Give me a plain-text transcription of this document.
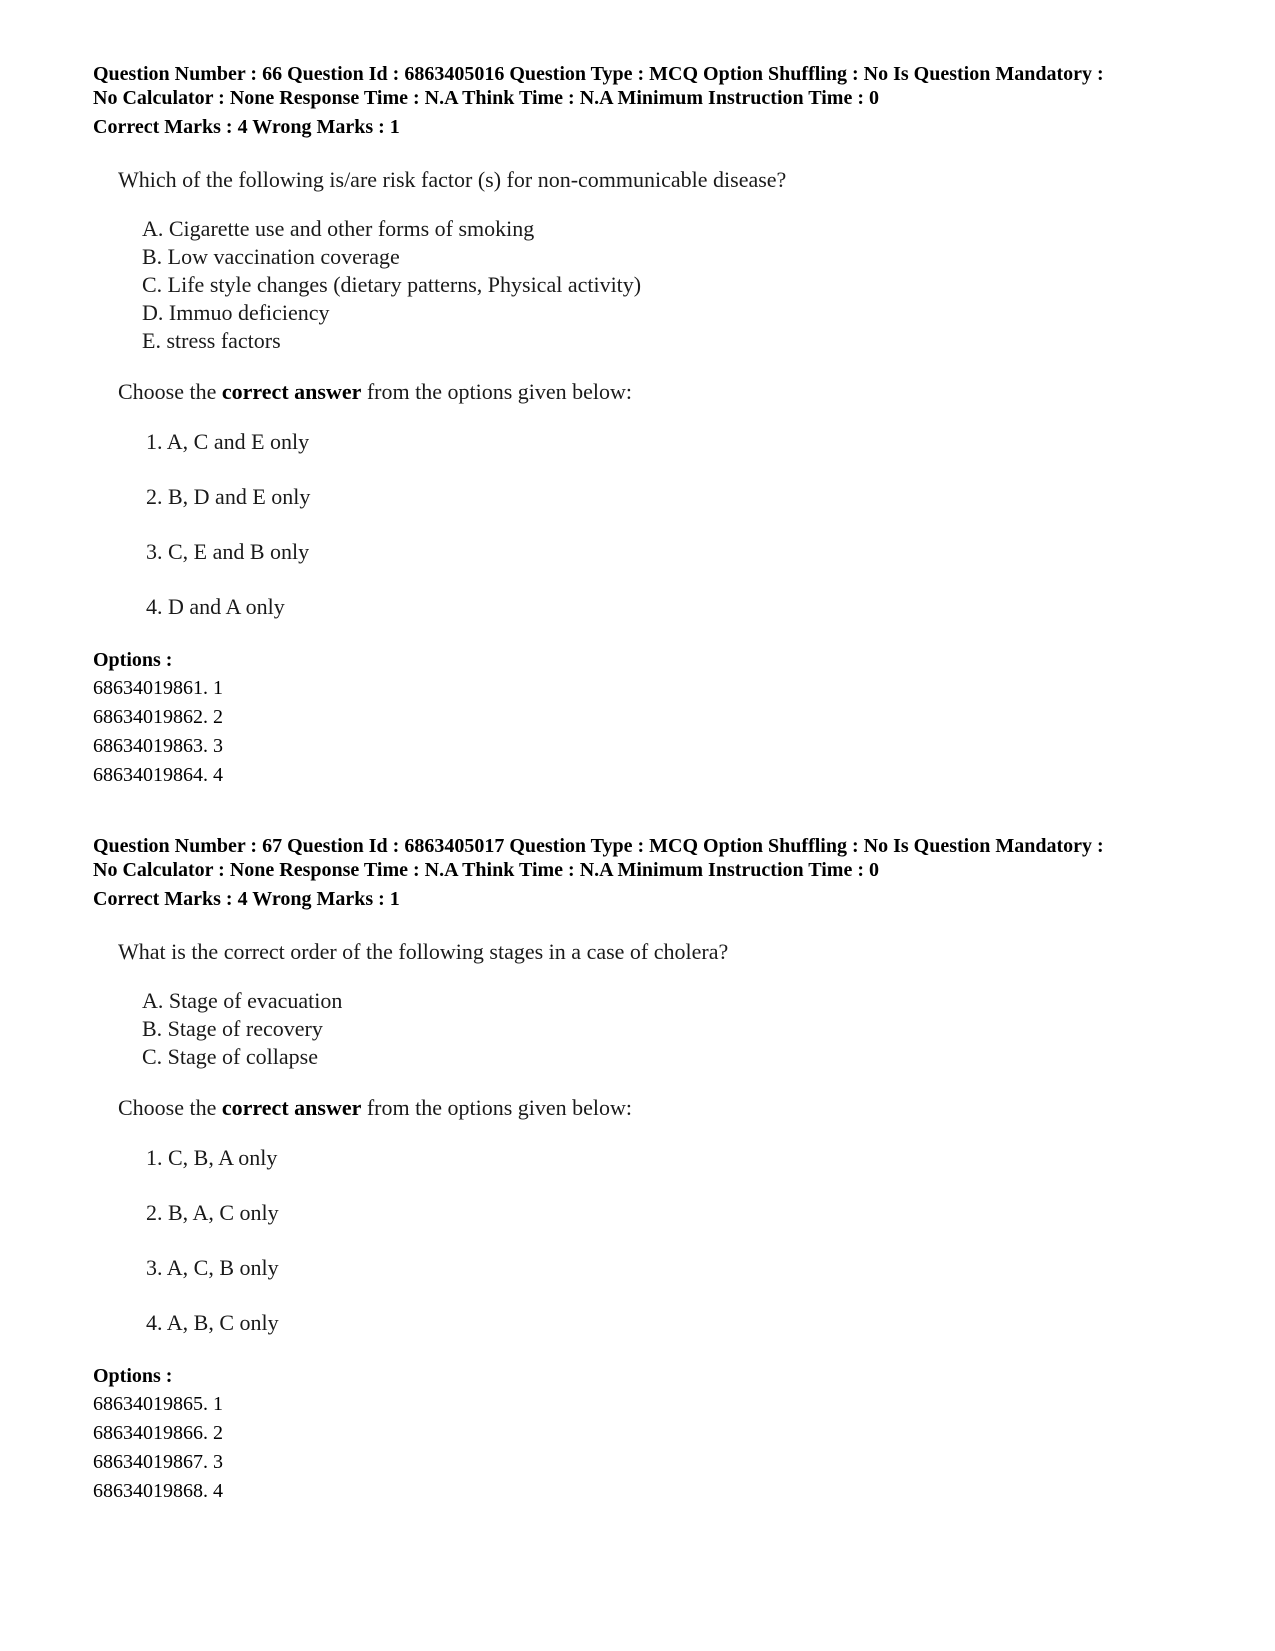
Question Number : 66 Question Id : 6863405016 Question Type : MCQ Option Shuffling : No Is Question Mandatory :
No Calculator : None Response Time : N.A Think Time : N.A Minimum Instruction Time : 0
Correct Marks : 4 Wrong Marks : 1
Which of the following is/are risk factor (s) for non-communicable disease?
A. Cigarette use and other forms of smoking
B. Low vaccination coverage
C. Life style changes (dietary patterns, Physical activity)
D. Immuo deficiency
E. stress factors
Choose the correct answer from the options given below:
1. A, C and E only
2. B, D and E only
3. C, E and B only
4. D and A only
Options :
68634019861. 1
68634019862. 2
68634019863. 3
68634019864. 4
Question Number : 67 Question Id : 6863405017 Question Type : MCQ Option Shuffling : No Is Question Mandatory :
No Calculator : None Response Time : N.A Think Time : N.A Minimum Instruction Time : 0
Correct Marks : 4 Wrong Marks : 1
What is the correct order of the following stages in a case of cholera?
A. Stage of evacuation
B. Stage of recovery
C. Stage of collapse
Choose the correct answer from the options given below:
1. C, B, A only
2. B, A, C only
3. A, C, B only
4. A, B, C only
Options :
68634019865. 1
68634019866. 2
68634019867. 3
68634019868. 4
